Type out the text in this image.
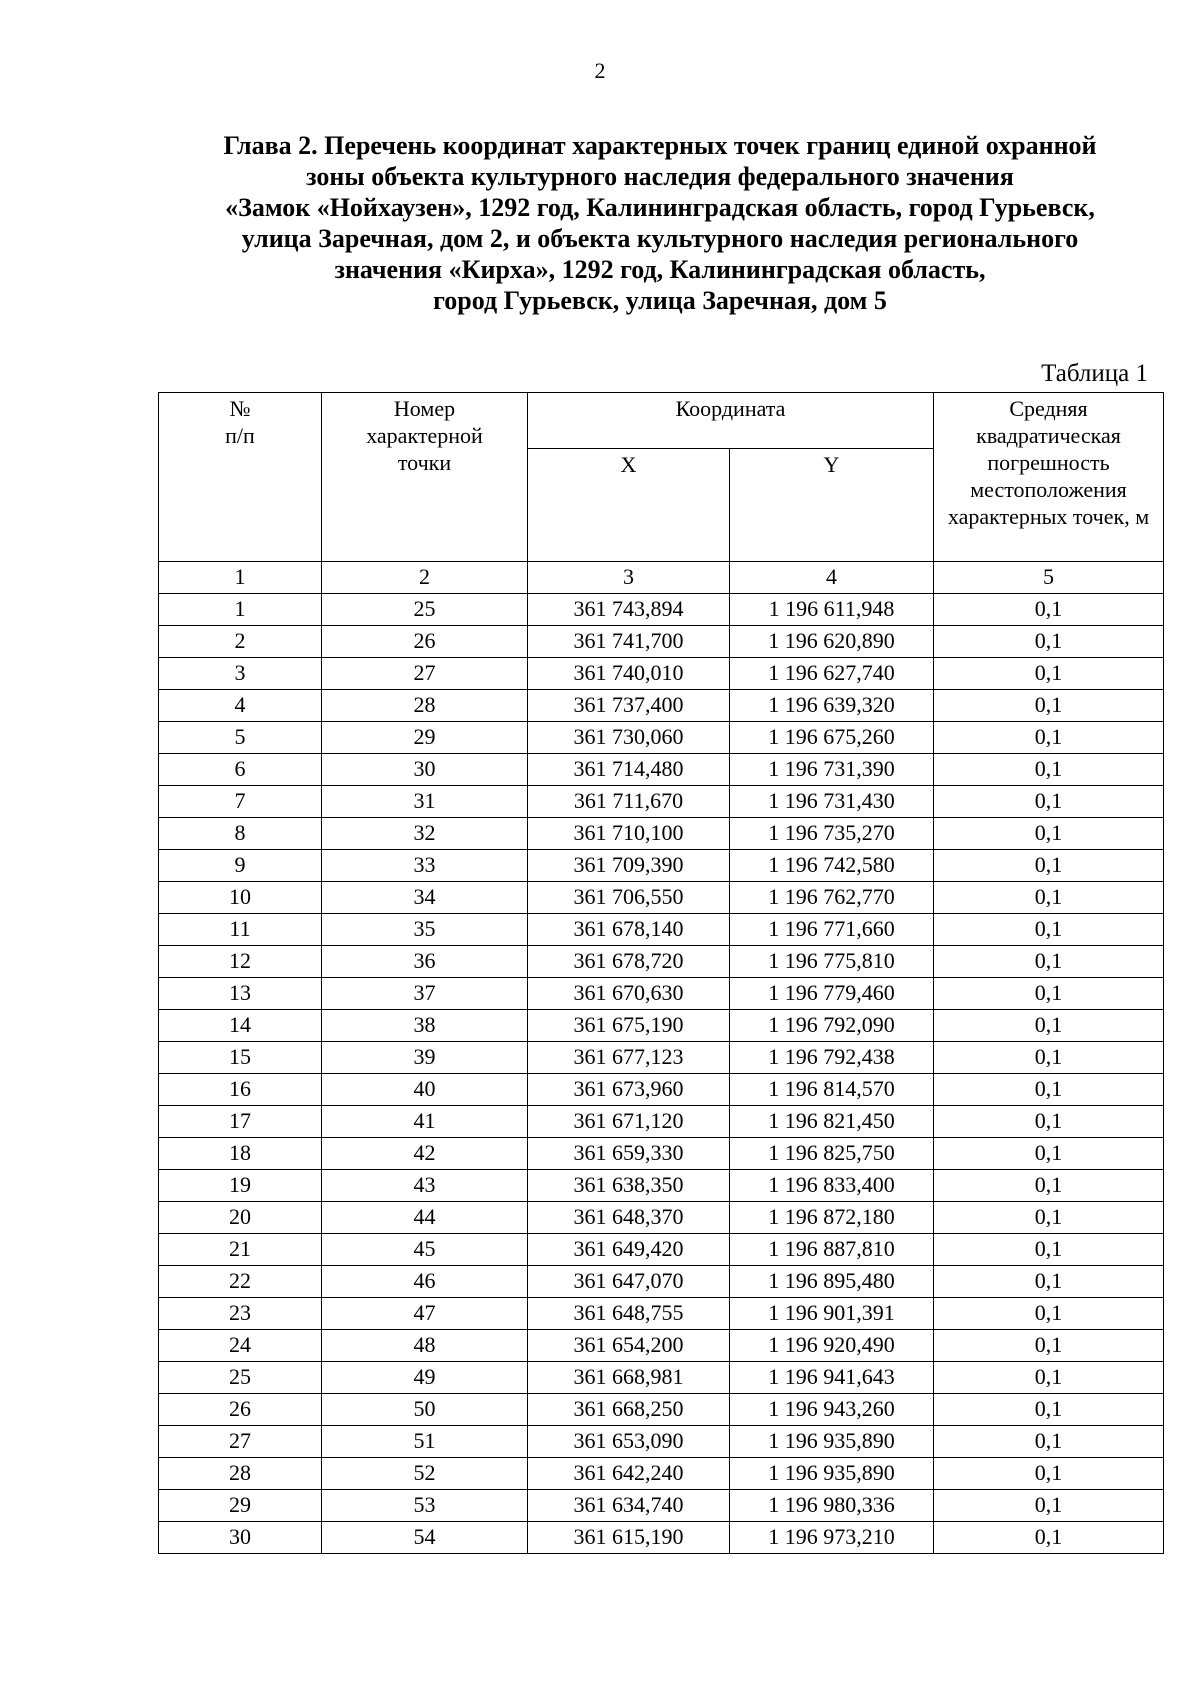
2
Глава 2. Перечень координат характерных точек границ единой охранной
зоны объекта культурного наследия федерального значения
«Замок «Нойхаузен», 1292 год, Калининградская область, город Гурьевск,
улица Заречная, дом 2, и объекта культурного наследия регионального
значения «Кирха», 1292 год, Калининградская область,
город Гурьевск, улица Заречная, дом 5
Таблица 1
№ п/п	Номер характерной точки	Координата		Средняя квадратическая погрешность местоположения характерных точек, м

		X	Y	
1	2	3	4	5
1	25	361 743,894	1 196 611,948	0,1
2	26	361 741,700	1 196 620,890	0,1
3	27	361 740,010	1 196 627,740	0,1
4	28	361 737,400	1 196 639,320	0,1
5	29	361 730,060	1 196 675,260	0,1
6	30	361 714,480	1 196 731,390	0,1
7	31	361 711,670	1 196 731,430	0,1
8	32	361 710,100	1 196 735,270	0,1
9	33	361 709,390	1 196 742,580	0,1
10	34	361 706,550	1 196 762,770	0,1
11	35	361 678,140	1 196 771,660	0,1
12	36	361 678,720	1 196 775,810	0,1
13	37	361 670,630	1 196 779,460	0,1
14	38	361 675,190	1 196 792,090	0,1
15	39	361 677,123	1 196 792,438	0,1
16	40	361 673,960	1 196 814,570	0,1
17	41	361 671,120	1 196 821,450	0,1
18	42	361 659,330	1 196 825,750	0,1
19	43	361 638,350	1 196 833,400	0,1
20	44	361 648,370	1 196 872,180	0,1
21	45	361 649,420	1 196 887,810	0,1
22	46	361 647,070	1 196 895,480	0,1
23	47	361 648,755	1 196 901,391	0,1
24	48	361 654,200	1 196 920,490	0,1
25	49	361 668,981	1 196 941,643	0,1
26	50	361 668,250	1 196 943,260	0,1
27	51	361 653,090	1 196 935,890	0,1
28	52	361 642,240	1 196 935,890	0,1
29	53	361 634,740	1 196 980,336	0,1
30	54	361 615,190	1 196 973,210	0,1
